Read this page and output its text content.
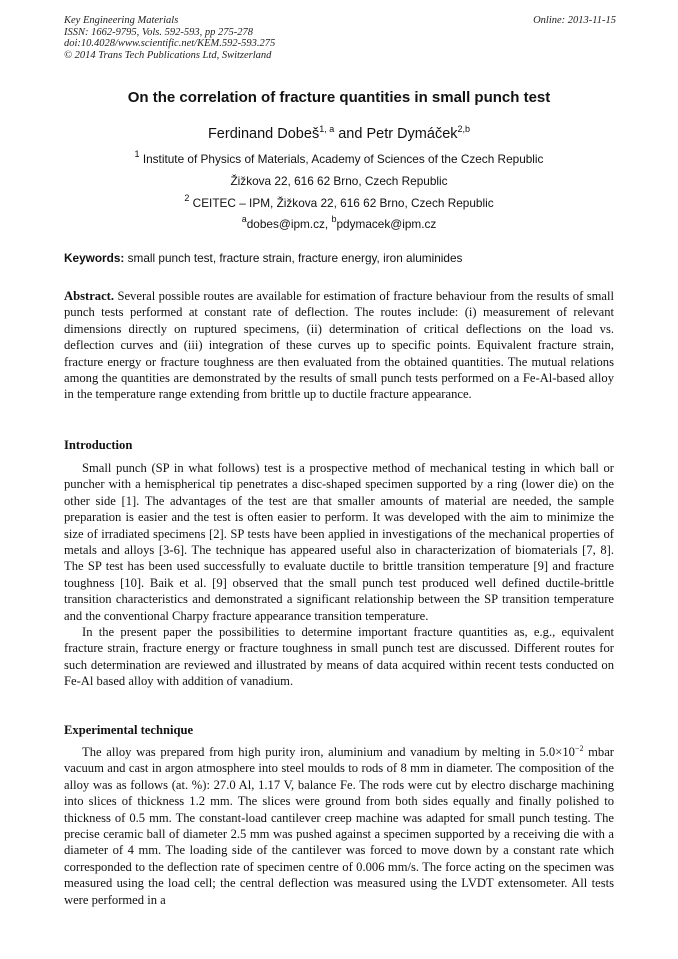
Key Engineering Materials
ISSN: 1662-9795, Vols. 592-593, pp 275-278
doi:10.4028/www.scientific.net/KEM.592-593.275
© 2014 Trans Tech Publications Ltd, Switzerland
Online: 2013-11-15
On the correlation of fracture quantities in small punch test
Ferdinand Dobeš$^{1, a}$ and Petr Dymáček$^{2,b}$
$^1$ Institute of Physics of Materials, Academy of Sciences of the Czech Republic
Žižkova 22, 616 62 Brno, Czech Republic
$^2$ CEITEC – IPM, Žižkova 22, 616 62 Brno, Czech Republic
$^a$dobes@ipm.cz, $^b$pdymacek@ipm.cz
Keywords: small punch test, fracture strain, fracture energy, iron aluminides

Abstract. Several possible routes are available for estimation of fracture behaviour from the results of small punch tests performed at constant rate of deflection. The routes include: (i) measurement of relevant dimensions directly on ruptured specimens, (ii) determination of critical deflections on the load vs. deflection curves and (iii) integration of these curves up to specific points. Equivalent fracture strain, fracture energy or fracture toughness are then evaluated from the obtained quantities. The mutual relations among the quantities are demonstrated by the results of small punch tests performed on a Fe-Al-based alloy in the temperature range extending from brittle up to ductile fracture appearance.

Introduction

Small punch (SP in what follows) test is a prospective method of mechanical testing in which ball or puncher with a hemispherical tip penetrates a disc-shaped specimen supported by a ring (lower die) on the other side [1]. The advantages of the test are that smaller amounts of material are needed, the sample preparation is easier and the test is often easier to perform. It was developed with the aim to minimize the size of irradiated specimens [2]. SP tests have been applied in investigations of the mechanical properties of metals and alloys [3-6]. The technique has appeared useful also in characterization of biomaterials [7, 8]. The SP test has been used successfully to evaluate ductile to brittle transition temperature [9] and fracture toughness [10]. Baik et al. [9] observed that the small punch test produced well defined ductile-brittle transition characteristics and demonstrated a significant relationship between the SP transition temperature and the conventional Charpy fracture appearance transition temperature.

In the present paper the possibilities to determine important fracture quantities as, e.g., equivalent fracture strain, fracture energy or fracture toughness in small punch test are discussed. Different routes for such determination are reviewed and illustrated by means of data acquired within recent tests conducted on Fe-Al based alloy with addition of vanadium.

Experimental technique

The alloy was prepared from high purity iron, aluminium and vanadium by melting in $5.0\times 10^{-2}$ mbar vacuum and cast in argon atmosphere into steel moulds to rods of 8 mm in diameter. The composition of the alloy was as follows (at. %): 27.0 Al, 1.17 V, balance Fe. The rods were cut by electro discharge machining into slices of thickness 1.2 mm. The slices were ground from both sides equally and finally polished to thickness of 0.5 mm. The constant-load cantilever creep machine was adapted for small punch testing. The precise ceramic ball of diameter 2.5 mm was pushed against a specimen supported by a receiving die with a diameter of 4 mm. The loading side of the cantilever was forced to move down by a constant rate which corresponded to the deflection rate of specimen centre of 0.006 mm/s. The force acting on the specimen was measured using the load cell; the central deflection was measured using the LVDT extensometer. All tests were performed in a
